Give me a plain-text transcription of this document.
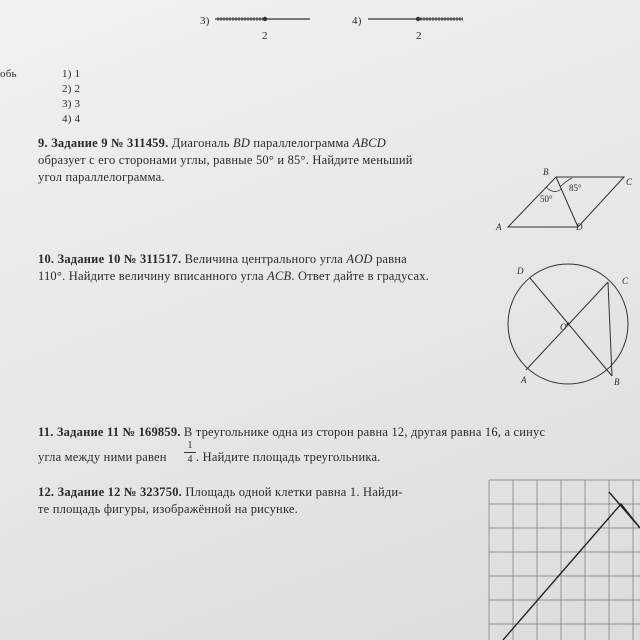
3)
2
4)
2
обь	1) 1
2) 2
3) 3
4) 4
9. Задание 9 № 311459. Диагональ BD параллелограмма ABCD
образует с его сторонами углы, равные 50° и 85°. Найдите меньший
угол параллелограмма.	B
C
A	D
50°
85°
10. Задание 10 № 311517. Величина центрального угла AOD равна
110°. Найдите величину вписанного угла ACB. Ответ дайте в градусах.	D
C
O
A	B
11. Задание 11 № 169859. В треугольнике одна из сторон равна 12, другая равна 16, а синус
угла между ними равен
1
4 . Найдите площадь треугольника.
12. Задание 12 № 323750. Площадь одной клетки равна 1. Найди-
те площадь фигуры, изображённой на рисунке.
